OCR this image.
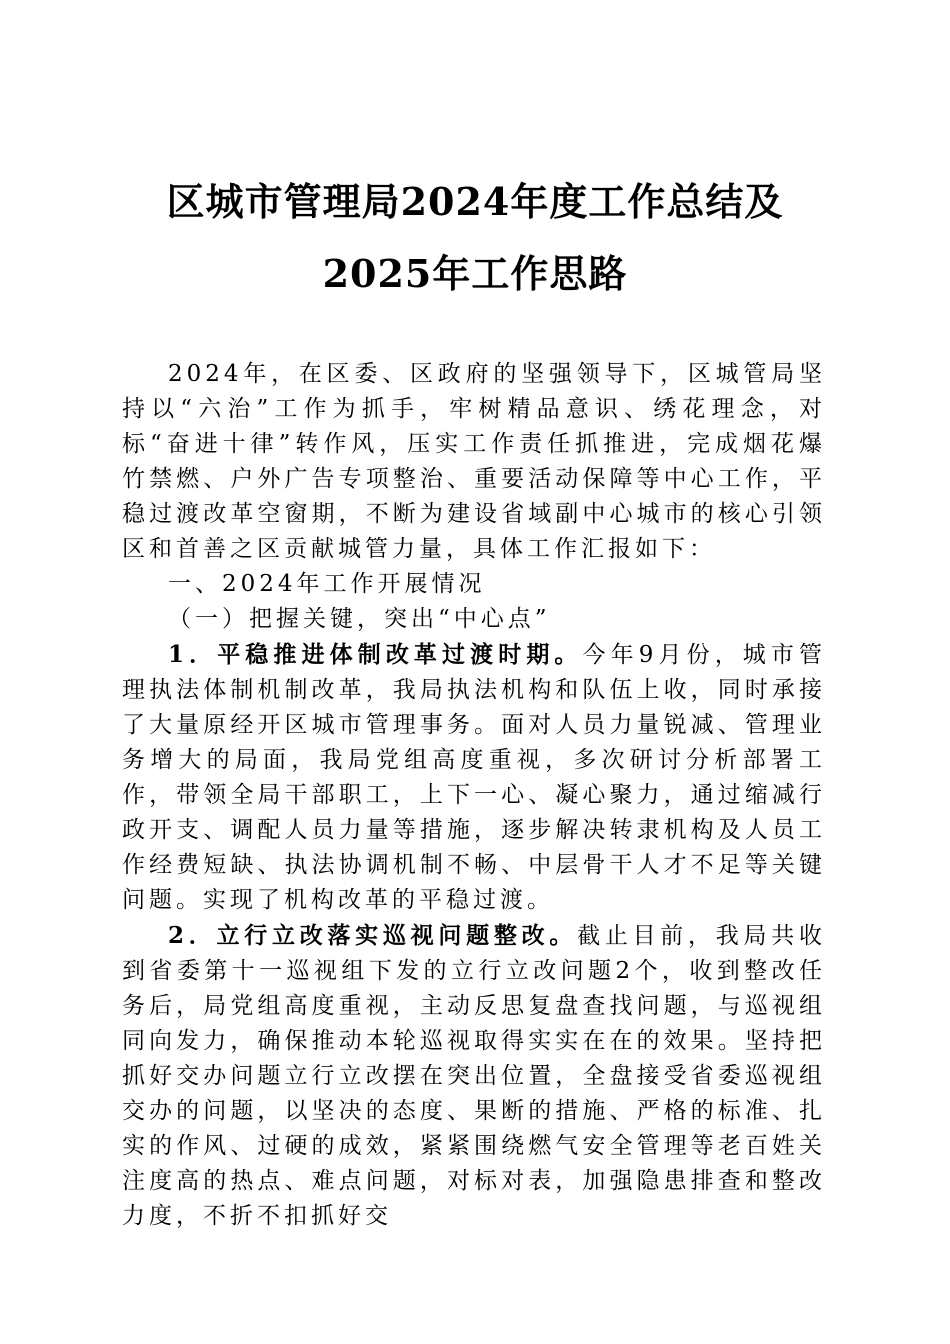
区城市管理局2024年度工作总结及2025年工作思路

2024年，在区委、区政府的坚强领导下，区城管局坚持以“六治”工作为抓手，牢树精品意识、绣花理念，对标“奋进十律”转作风，压实工作责任抓推进，完成烟花爆竹禁燃、户外广告专项整治、重要活动保障等中心工作，平稳过渡改革空窗期，不断为建设省域副中心城市的核心引领区和首善之区贡献城管力量，具体工作汇报如下：

一、2024年工作开展情况

（一）把握关键，突出“中心点”

1．平稳推进体制改革过渡时期。今年9月份，城市管理执法体制机制改革，我局执法机构和队伍上收，同时承接了大量原经开区城市管理事务。面对人员力量锐减、管理业务增大的局面，我局党组高度重视，多次研讨分析部署工作，带领全局干部职工，上下一心、凝心聚力，通过缩减行政开支、调配人员力量等措施，逐步解决转隶机构及人员工作经费短缺、执法协调机制不畅、中层骨干人才不足等关键问题。实现了机构改革的平稳过渡。

2．立行立改落实巡视问题整改。截止目前，我局共收到省委第十一巡视组下发的立行立改问题2个，收到整改任务后，局党组高度重视，主动反思复盘查找问题，与巡视组同向发力，确保推动本轮巡视取得实实在在的效果。坚持把抓好交办问题立行立改摆在突出位置，全盘接受省委巡视组交办的问题，以坚决的态度、果断的措施、严格的标准、扎实的作风、过硬的成效，紧紧围绕燃气安全管理等老百姓关注度高的热点、难点问题，对标对表，加强隐患排查和整改力度，不折不扣抓好交
